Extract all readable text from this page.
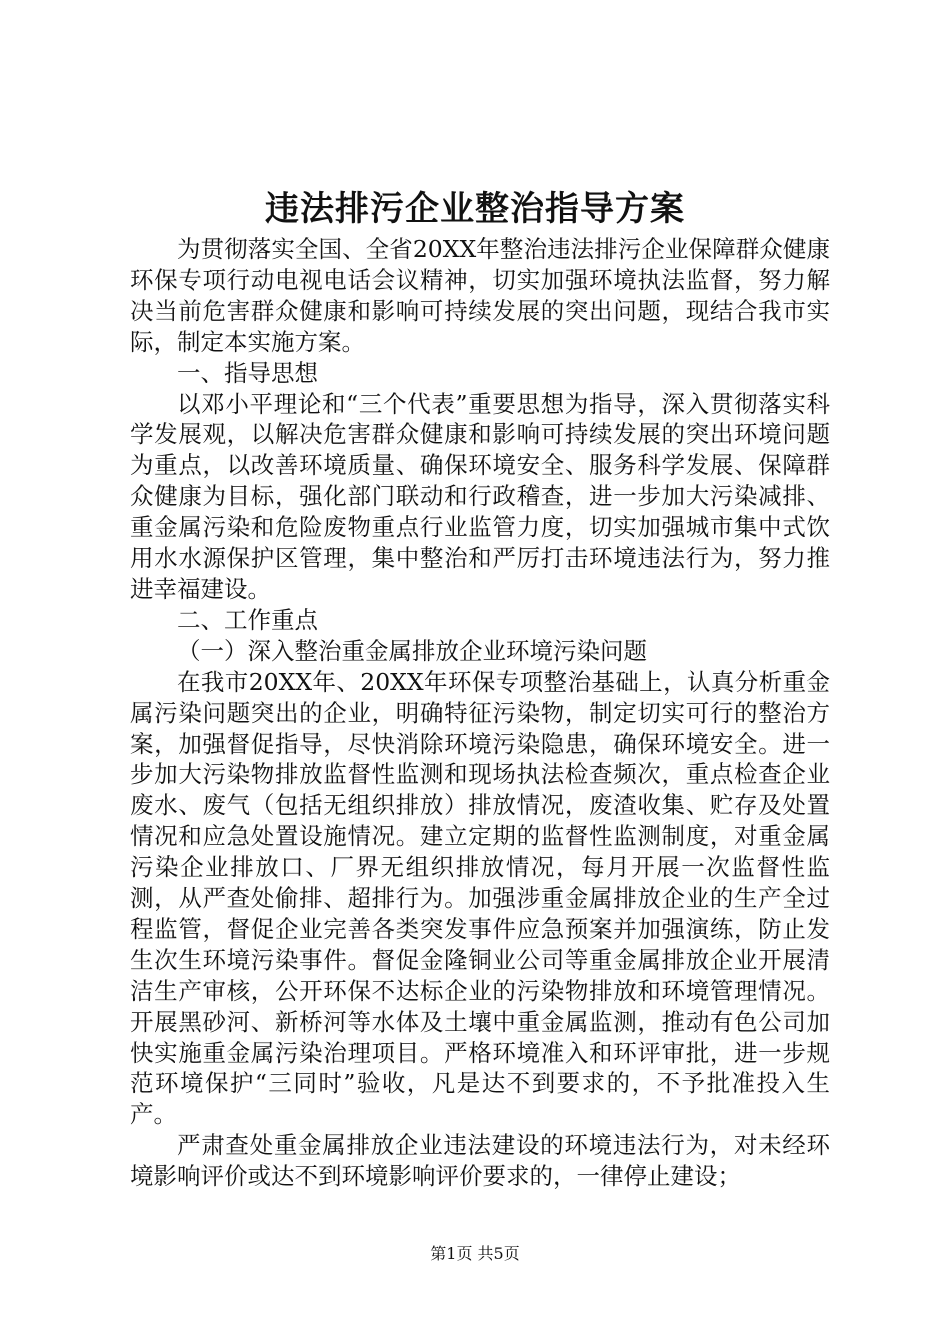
违法排污企业整治指导方案

为贯彻落实全国、全省20XX年整治违法排污企业保障群众健康环保专项行动电视电话会议精神，切实加强环境执法监督，努力解决当前危害群众健康和影响可持续发展的突出问题，现结合我市实际，制定本实施方案。

一、指导思想

以邓小平理论和“三个代表”重要思想为指导，深入贯彻落实科学发展观，以解决危害群众健康和影响可持续发展的突出环境问题为重点，以改善环境质量、确保环境安全、服务科学发展、保障群众健康为目标，强化部门联动和行政稽查，进一步加大污染减排、重金属污染和危险废物重点行业监管力度，切实加强城市集中式饮用水水源保护区管理，集中整治和严厉打击环境违法行为，努力推进幸福建设。

二、工作重点

（一）深入整治重金属排放企业环境污染问题

在我市20XX年、20XX年环保专项整治基础上，认真分析重金属污染问题突出的企业，明确特征污染物，制定切实可行的整治方案，加强督促指导，尽快消除环境污染隐患，确保环境安全。进一步加大污染物排放监督性监测和现场执法检查频次，重点检查企业废水、废气（包括无组织排放）排放情况，废渣收集、贮存及处置情况和应急处置设施情况。建立定期的监督性监测制度，对重金属污染企业排放口、厂界无组织排放情况，每月开展一次监督性监测，从严查处偷排、超排行为。加强涉重金属排放企业的生产全过程监管，督促企业完善各类突发事件应急预案并加强演练，防止发生次生环境污染事件。督促金隆铜业公司等重金属排放企业开展清洁生产审核，公开环保不达标企业的污染物排放和环境管理情况。开展黑砂河、新桥河等水体及土壤中重金属监测，推动有色公司加快实施重金属污染治理项目。严格环境准入和环评审批，进一步规范环境保护“三同时”验收，凡是达不到要求的，不予批准投入生产。

严肃查处重金属排放企业违法建设的环境违法行为，对未经环境影响评价或达不到环境影响评价要求的，一律停止建设；

第1页 共5页
